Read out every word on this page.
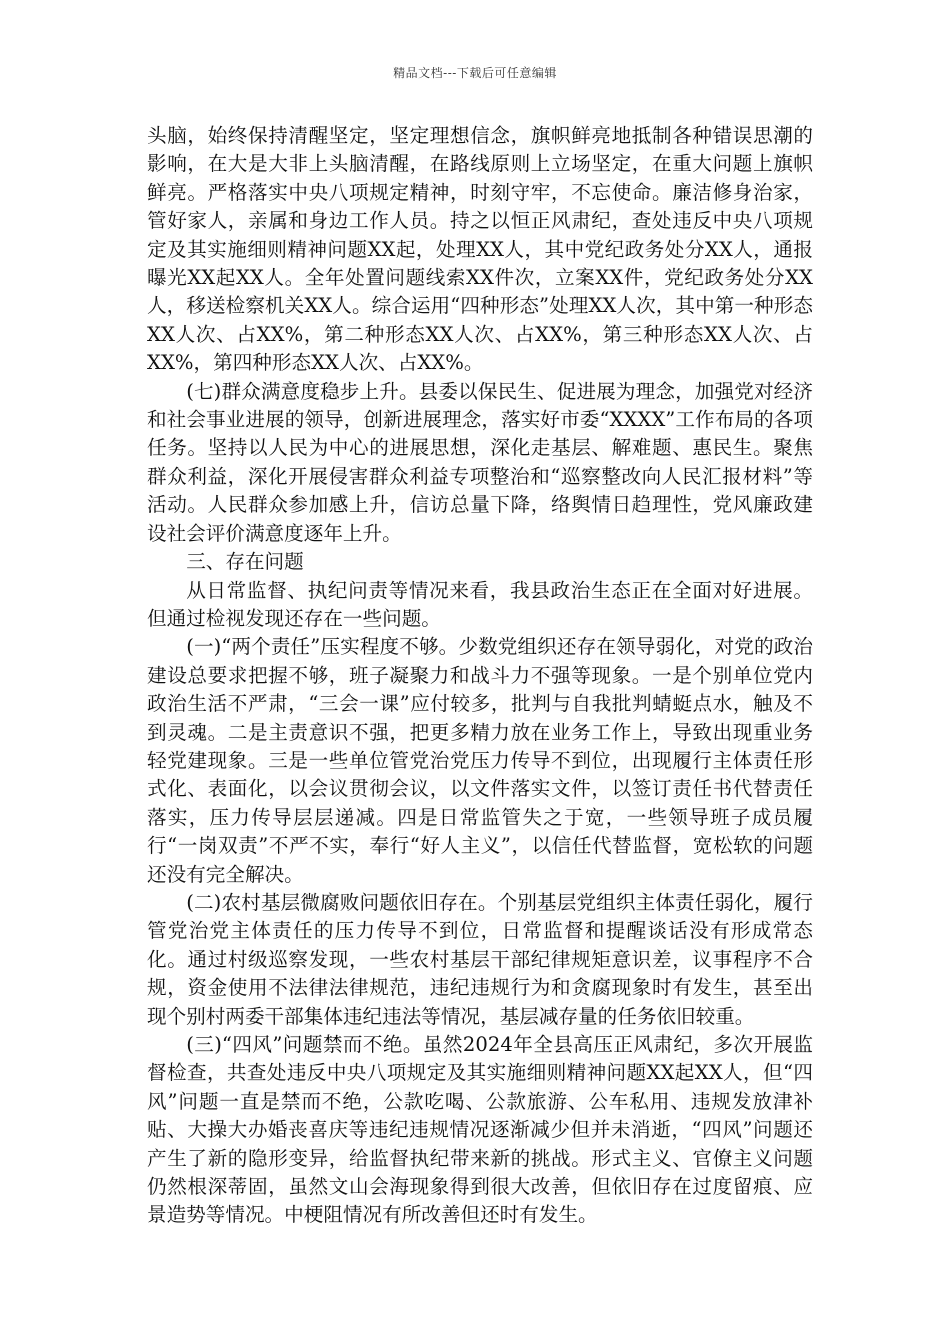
精品文档---下载后可任意编辑

头脑，始终保持清醒坚定，坚定理想信念，旗帜鲜亮地抵制各种错误思潮的影响，在大是大非上头脑清醒，在路线原则上立场坚定，在重大问题上旗帜鲜亮。严格落实中央八项规定精神，时刻守牢，不忘使命。廉洁修身治家，管好家人，亲属和身边工作人员。持之以恒正风肃纪，查处违反中央八项规定及其实施细则精神问题XX起，处理XX人，其中党纪政务处分XX人，通报曝光XX起XX人。全年处置问题线索XX件次，立案XX件，党纪政务处分XX人，移送检察机关XX人。综合运用“四种形态”处理XX人次，其中第一种形态XX人次、占XX%，第二种形态XX人次、占XX%，第三种形态XX人次、占XX%，第四种形态XX人次、占XX%。

(七)群众满意度稳步上升。县委以保民生、促进展为理念，加强党对经济和社会事业进展的领导，创新进展理念，落实好市委“XXXX”工作布局的各项任务。坚持以人民为中心的进展思想，深化走基层、解难题、惠民生。聚焦群众利益，深化开展侵害群众利益专项整治和“巡察整改向人民汇报材料”等活动。人民群众参加感上升，信访总量下降，络舆情日趋理性，党风廉政建设社会评价满意度逐年上升。

三、存在问题

从日常监督、执纪问责等情况来看，我县政治生态正在全面对好进展。但通过检视发现还存在一些问题。

(一)“两个责任”压实程度不够。少数党组织还存在领导弱化，对党的政治建设总要求把握不够，班子凝聚力和战斗力不强等现象。一是个别单位党内政治生活不严肃，“三会一课”应付较多，批判与自我批判蜻蜓点水，触及不到灵魂。二是主责意识不强，把更多精力放在业务工作上，导致出现重业务轻党建现象。三是一些单位管党治党压力传导不到位，出现履行主体责任形式化、表面化，以会议贯彻会议，以文件落实文件，以签订责任书代替责任落实，压力传导层层递减。四是日常监管失之于宽，一些领导班子成员履行“一岗双责”不严不实，奉行“好人主义”，以信任代替监督，宽松软的问题还没有完全解决。

(二)农村基层微腐败问题依旧存在。个别基层党组织主体责任弱化，履行管党治党主体责任的压力传导不到位，日常监督和提醒谈话没有形成常态化。通过村级巡察发现，一些农村基层干部纪律规矩意识差，议事程序不合规，资金使用不法律法律规范，违纪违规行为和贪腐现象时有发生，甚至出现个别村两委干部集体违纪违法等情况，基层减存量的任务依旧较重。

(三)“四风”问题禁而不绝。虽然2024年全县高压正风肃纪，多次开展监督检查，共查处违反中央八项规定及其实施细则精神问题XX起XX人，但“四风”问题一直是禁而不绝，公款吃喝、公款旅游、公车私用、违规发放津补贴、大操大办婚丧喜庆等违纪违规情况逐渐减少但并未消逝，“四风”问题还产生了新的隐形变异，给监督执纪带来新的挑战。形式主义、官僚主义问题仍然根深蒂固，虽然文山会海现象得到很大改善，但依旧存在过度留痕、应景造势等情况。中梗阻情况有所改善但还时有发生。
